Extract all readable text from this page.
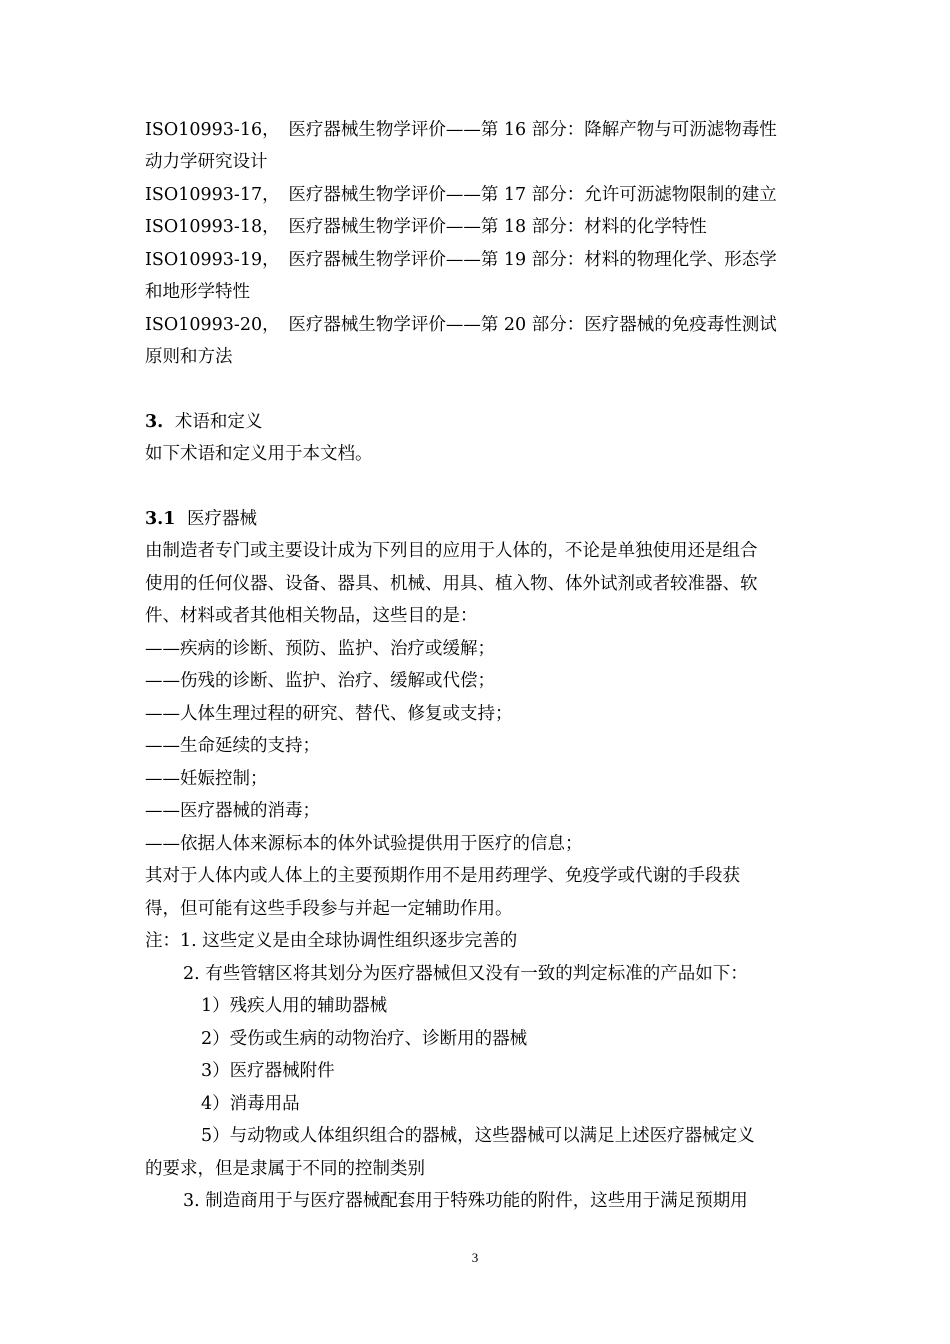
ISO10993-16，　医疗器械生物学评价——第 16 部分：降解产物与可沥滤物毒性
动力学研究设计
ISO10993-17，　医疗器械生物学评价——第 17 部分：允许可沥滤物限制的建立
ISO10993-18，　医疗器械生物学评价——第 18 部分：材料的化学特性
ISO10993-19，　医疗器械生物学评价——第 19 部分：材料的物理化学、形态学
和地形学特性
ISO10993-20，　医疗器械生物学评价——第 20 部分：医疗器械的免疫毒性测试
原则和方法
3. 术语和定义
如下术语和定义用于本文档。
3.1 医疗器械
由制造者专门或主要设计成为下列目的应用于人体的，不论是单独使用还是组合
使用的任何仪器、设备、器具、机械、用具、植入物、体外试剂或者较准器、软
件、材料或者其他相关物品，这些目的是：
——疾病的诊断、预防、监护、治疗或缓解；
——伤残的诊断、监护、治疗、缓解或代偿；
——人体生理过程的研究、替代、修复或支持；
——生命延续的支持；
——妊娠控制；
——医疗器械的消毒；
——依据人体来源标本的体外试验提供用于医疗的信息；
其对于人体内或人体上的主要预期作用不是用药理学、免疫学或代谢的手段获
得，但可能有这些手段参与并起一定辅助作用。
注：1. 这些定义是由全球协调性组织逐步完善的
2. 有些管辖区将其划分为医疗器械但又没有一致的判定标准的产品如下：
1）残疾人用的辅助器械
2）受伤或生病的动物治疗、诊断用的器械
3）医疗器械附件
4）消毒用品
5）与动物或人体组织组合的器械，这些器械可以满足上述医疗器械定义
的要求，但是隶属于不同的控制类别
3. 制造商用于与医疗器械配套用于特殊功能的附件，这些用于满足预期用
3
